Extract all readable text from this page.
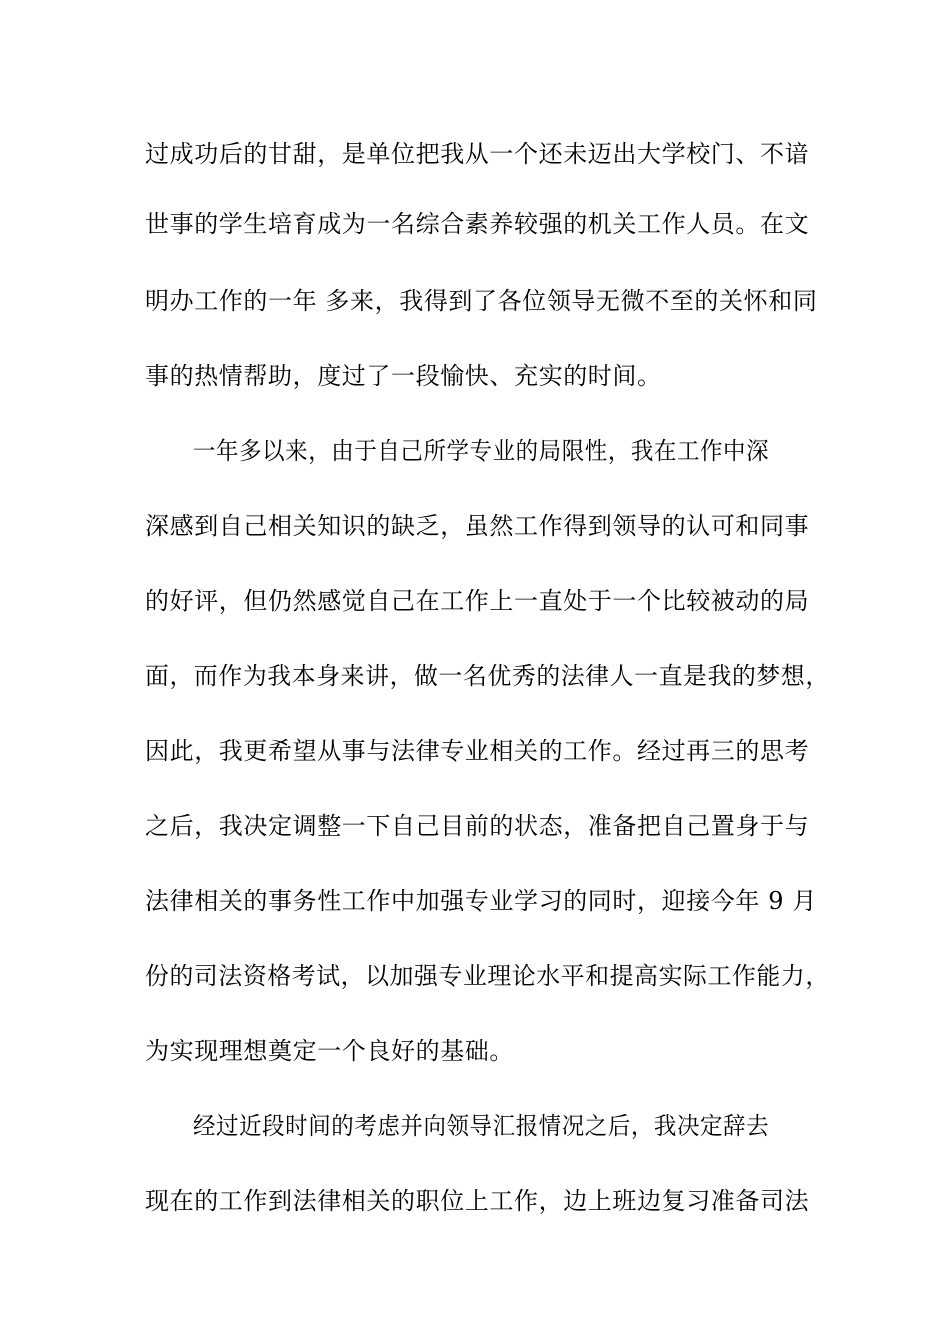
过成功后的甘甜，是单位把我从一个还未迈出大学校门、不谙
世事的学生培育成为一名综合素养较强的机关工作人员。在文
明办工作的一年 多来，我得到了各位领导无微不至的关怀和同
事的热情帮助，度过了一段愉快、充实的时间。
一年多以来，由于自己所学专业的局限性，我在工作中深
深感到自己相关知识的缺乏，虽然工作得到领导的认可和同事
的好评，但仍然感觉自己在工作上一直处于一个比较被动的局
面，而作为我本身来讲，做一名优秀的法律人一直是我的梦想，
因此，我更希望从事与法律专业相关的工作。经过再三的思考
之后，我决定调整一下自己目前的状态，准备把自己置身于与
法律相关的事务性工作中加强专业学习的同时，迎接今年 9 月
份的司法资格考试，以加强专业理论水平和提高实际工作能力，
为实现理想奠定一个良好的基础。
经过近段时间的考虑并向领导汇报情况之后，我决定辞去
现在的工作到法律相关的职位上工作，边上班边复习准备司法
